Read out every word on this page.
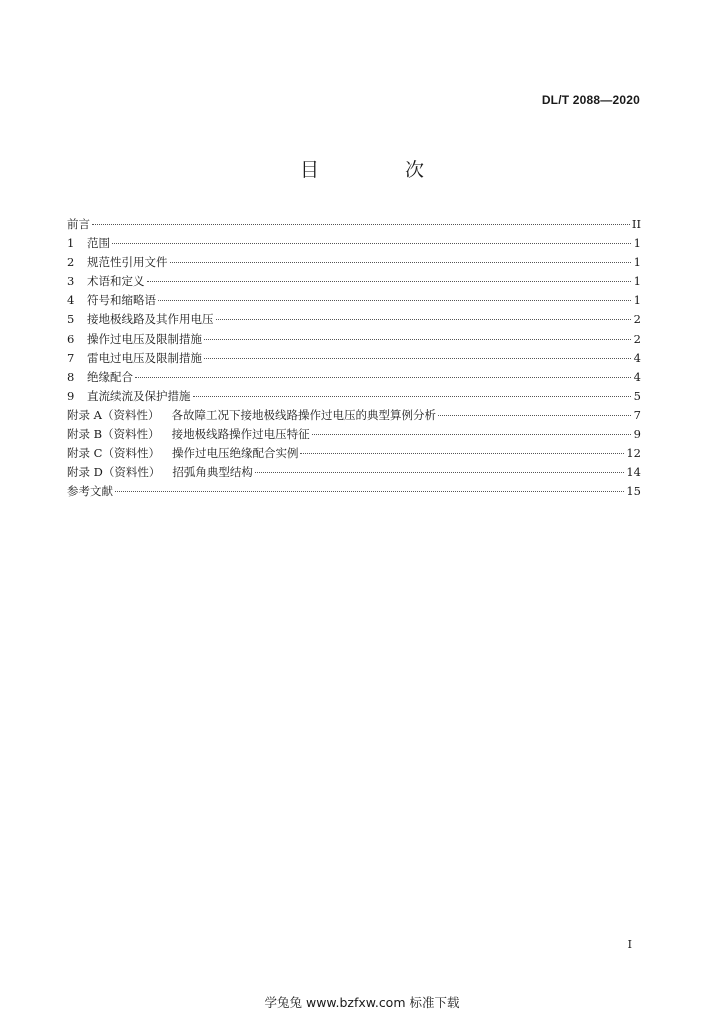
DL/T 2088—2020
目 次
前言	II
1	范围	1
2	规范性引用文件	1
3	术语和定义	1
4	符号和缩略语	1
5	接地极线路及其作用电压	2
6	操作过电压及限制措施	2
7	雷电过电压及限制措施	4
8	绝缘配合	4
9	直流续流及保护措施	5
附录 A（资料性） 各故障工况下接地极线路操作过电压的典型算例分析	7
附录 B（资料性） 接地极线路操作过电压特征	9
附录 C（资料性） 操作过电压绝缘配合实例	12
附录 D（资料性） 招弧角典型结构	14
参考文献	15
I
学兔兔 www.bzfxw.com 标准下载
